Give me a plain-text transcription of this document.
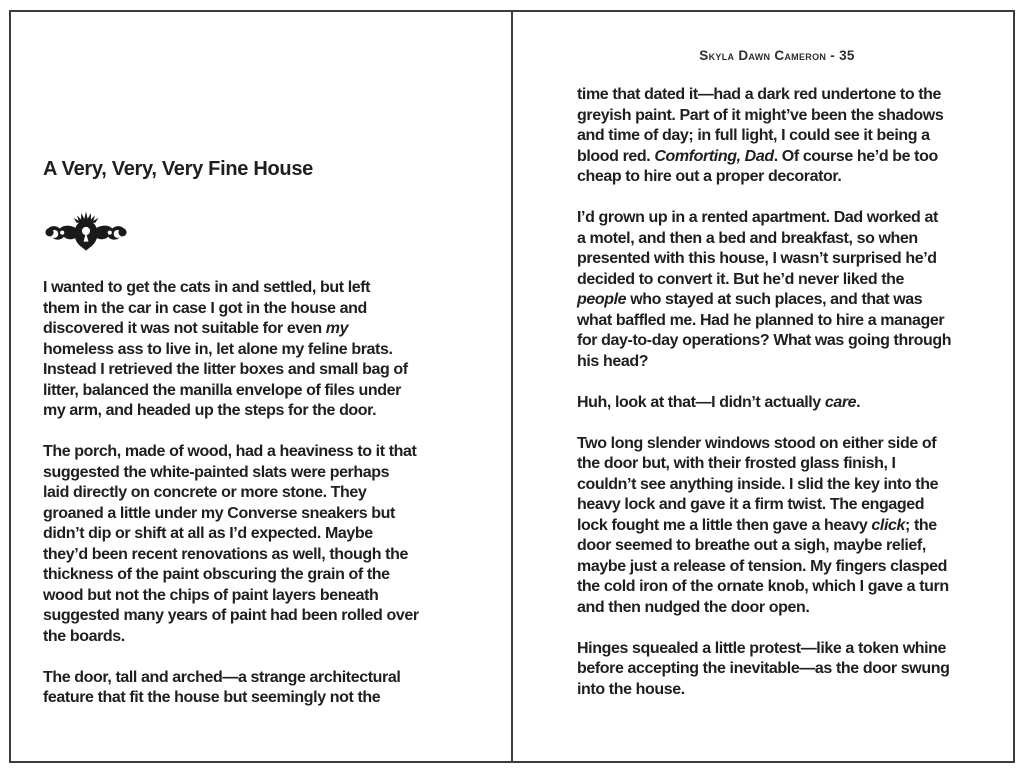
A Very, Very, Very Fine House
I wanted to get the cats in and settled, but left
them in the car in case I got in the house and
discovered it was not suitable for even my
homeless ass to live in, let alone my feline brats.
Instead I retrieved the litter boxes and small bag of
litter, balanced the manilla envelope of files under
my arm, and headed up the steps for the door.
The porch, made of wood, had a heaviness to it that
suggested the white-painted slats were perhaps
laid directly on concrete or more stone. They
groaned a little under my Converse sneakers but
didn’t dip or shift at all as I’d expected. Maybe
they’d been recent renovations as well, though the
thickness of the paint obscuring the grain of the
wood but not the chips of paint layers beneath
suggested many years of paint had been rolled over
the boards.
The door, tall and arched—a strange architectural
feature that fit the house but seemingly not the
Skyla Dawn Cameron - 35
time that dated it—had a dark red undertone to the
greyish paint. Part of it might’ve been the shadows
and time of day; in full light, I could see it being a
blood red. Comforting, Dad. Of course he’d be too
cheap to hire out a proper decorator.
I’d grown up in a rented apartment. Dad worked at
a motel, and then a bed and breakfast, so when
presented with this house, I wasn’t surprised he’d
decided to convert it. But he’d never liked the
people who stayed at such places, and that was
what baffled me. Had he planned to hire a manager
for day-to-day operations? What was going through
his head?
Huh, look at that—I didn’t actually care.
Two long slender windows stood on either side of
the door but, with their frosted glass finish, I
couldn’t see anything inside. I slid the key into the
heavy lock and gave it a firm twist. The engaged
lock fought me a little then gave a heavy click; the
door seemed to breathe out a sigh, maybe relief,
maybe just a release of tension. My fingers clasped
the cold iron of the ornate knob, which I gave a turn
and then nudged the door open.
Hinges squealed a little protest—like a token whine
before accepting the inevitable—as the door swung
into the house.
